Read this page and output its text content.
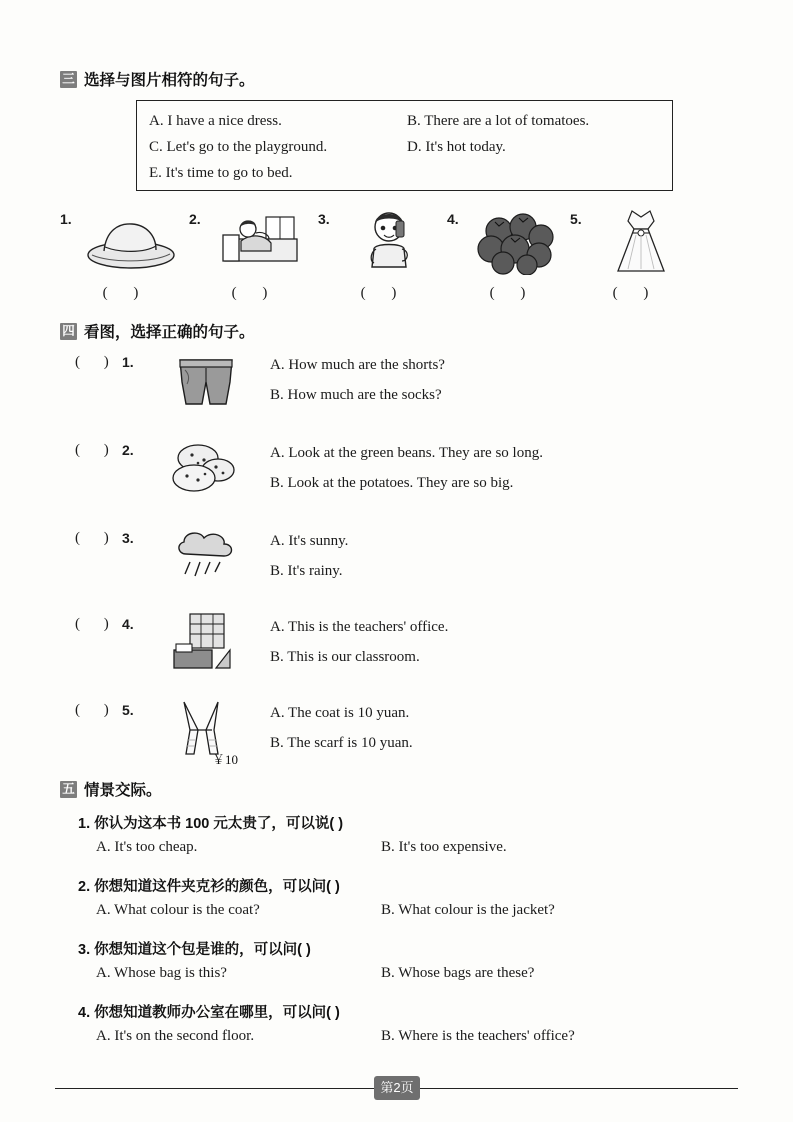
三 选择与图片相符的句子。
A. I have a nice dress.	B. There are a lot of tomatoes.
C. Let's go to the playground.	D. It's hot today.
E. It's time to go to bed.
1.
( )
2.
( )
3.
( )
4.
( )
5.
( )
四 看图，选择正确的句子。
( ) 1.	A. How much are the shorts?
B. How much are the socks?
( ) 2.	A. Look at the green beans. They are so long.
B. Look at the potatoes. They are so big.
( ) 3.	A. It's sunny.
B. It's rainy.
( ) 4.	A. This is the teachers' office.
B. This is our classroom.
( ) 5.
￥10
A. The coat is 10 yuan.
B. The scarf is 10 yuan.
五 情景交际。
1. 你认为这本书 100 元太贵了，可以说( )
A. It's too cheap.	B. It's too expensive.
2. 你想知道这件夹克衫的颜色，可以问( )
A. What colour is the coat?	B. What colour is the jacket?
3. 你想知道这个包是谁的，可以问( )
A. Whose bag is this?	B. Whose bags are these?
4. 你想知道教师办公室在哪里，可以问( )
A. It's on the second floor.	B. Where is the teachers' office?
第2页
